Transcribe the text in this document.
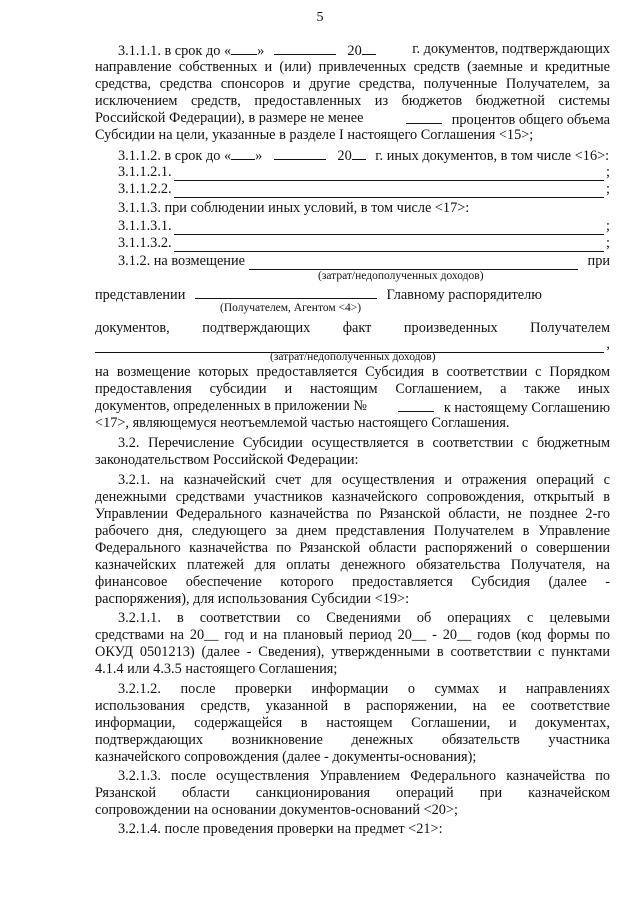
5
3.1.1.1. в срок до « »	20	г. документов, подтверждающих
направление собственных и (или) привлеченных средств (заемные и кредитные
средства, средства спонсоров и другие средства, полученные Получателем, за
исключением средств, предоставленных из бюджетов бюджетной системы
Российской Федерации), в размере не менее	процентов общего объема
Субсидии на цели, указанные в разделе I настоящего Соглашения <15>;
3.1.1.2. в срок до « »	20 г. иных документов, в том числе <16>:
3.1.1.2.1.	;
3.1.1.2.2.	;
3.1.1.3. при соблюдении иных условий, в том числе <17>:
3.1.1.3.1.	;
3.1.1.3.2.	;
3.1.2. на возмещение	при
(затрат/недополученных доходов)
представлении	Главному распорядителю
(Получателем, Агентом <4>)
документов, подтверждающих факт произведенных Получателем
,
(затрат/недополученных доходов)
на возмещение которых предоставляется Субсидия в соответствии с Порядком
предоставления субсидии и настоящим Соглашением, а также иных
документов, определенных в приложении №	к настоящему Соглашению
<17>, являющемуся неотъемлемой частью настоящего Соглашения.
3.2. Перечисление Субсидии осуществляется в соответствии с бюджетным
законодательством Российской Федерации:
3.2.1. на казначейский счет для осуществления и отражения операций с
денежными средствами участников казначейского сопровождения, открытый в
Управлении Федерального казначейства по Рязанской области, не позднее 2-го
рабочего дня, следующего за днем представления Получателем в Управление
Федерального казначейства по Рязанской области распоряжений о совершении
казначейских платежей для оплаты денежного обязательства Получателя, на
финансовое обеспечение которого предоставляется Субсидия (далее -
распоряжения), для использования Субсидии <19>:
3.2.1.1. в соответствии со Сведениями об операциях с целевыми
средствами на 20__ год и на плановый период 20__ - 20__ годов (код формы по
ОКУД 0501213) (далее - Сведения), утвержденными в соответствии с пунктами
4.1.4 или 4.3.5 настоящего Соглашения;
3.2.1.2. после проверки информации о суммах и направлениях
использования средств, указанной в распоряжении, на ее соответствие
информации, содержащейся в настоящем Соглашении, и документах,
подтверждающих возникновение денежных обязательств участника
казначейского сопровождения (далее - документы-основания);
3.2.1.3. после осуществления Управлением Федерального казначейства по
Рязанской области санкционирования операций при казначейском
сопровождении на основании документов-оснований <20>;
3.2.1.4. после проведения проверки на предмет <21>:
